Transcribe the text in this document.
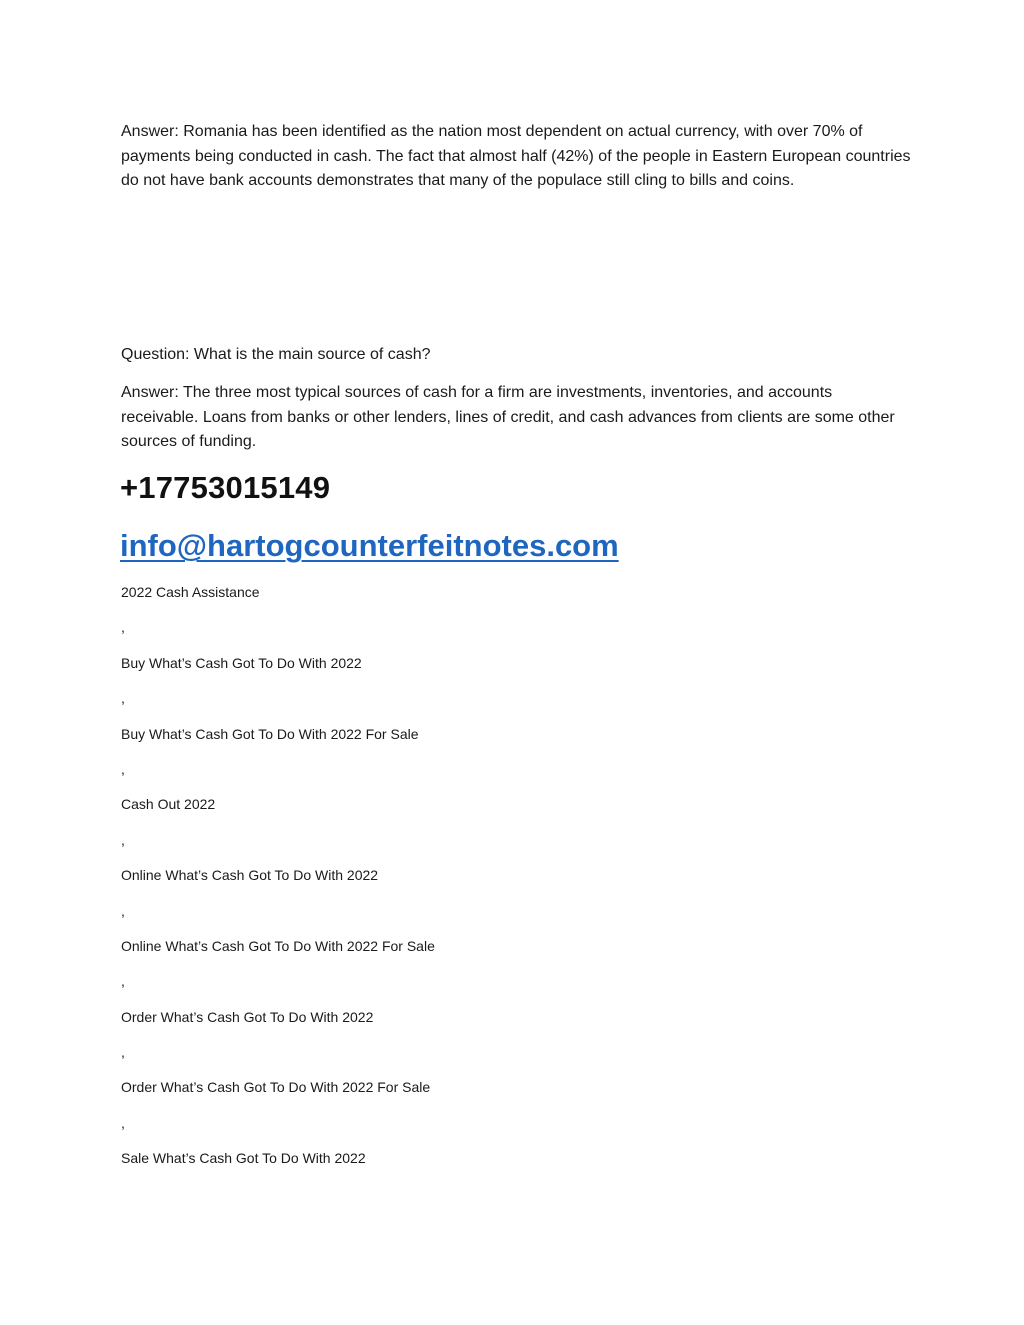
Answer: Romania has been identified as the nation most dependent on actual currency, with over 70% of payments being conducted in cash. The fact that almost half (42%) of the people in Eastern European countries do not have bank accounts demonstrates that many of the populace still cling to bills and coins.

Question: What is the main source of cash?

Answer: The three most typical sources of cash for a firm are investments, inventories, and accounts receivable. Loans from banks or other lenders, lines of credit, and cash advances from clients are some other sources of funding.

+17753015149

info@hartogcounterfeitnotes.com
2022 Cash Assistance
,
Buy What’s Cash Got To Do With 2022
,
Buy What’s Cash Got To Do With 2022 For Sale
,
Cash Out 2022
,
Online What’s Cash Got To Do With 2022
,
Online What’s Cash Got To Do With 2022 For Sale
,
Order What’s Cash Got To Do With 2022
,
Order What’s Cash Got To Do With 2022 For Sale
,
Sale What’s Cash Got To Do With 2022
